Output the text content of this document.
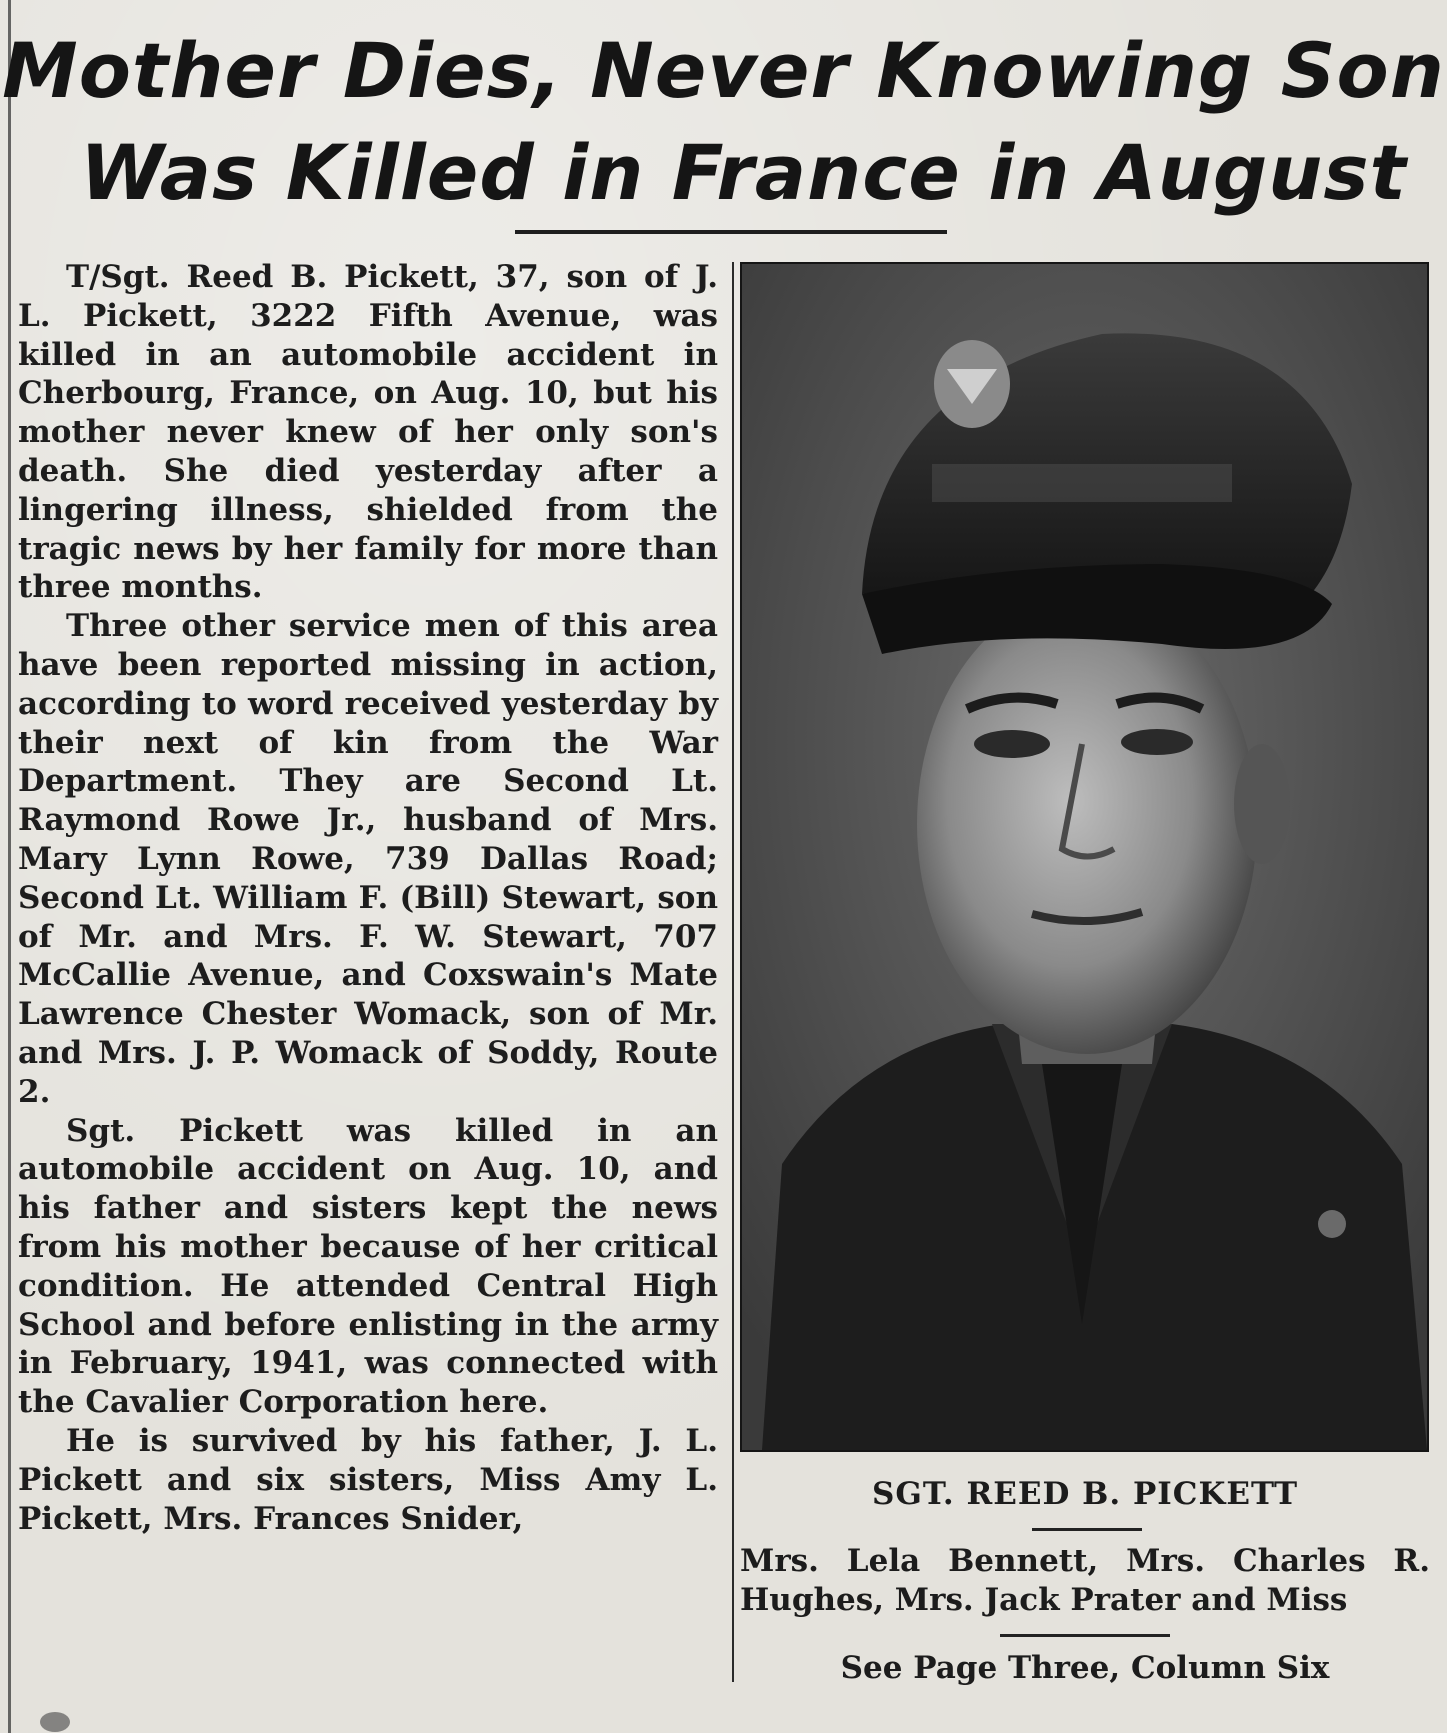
Mother Dies, Never Knowing Son
Was Killed in France in August

T/Sgt. Reed B. Pickett, 37, son of J. L. Pickett, 3222 Fifth Avenue, was killed in an automobile accident in Cherbourg, France, on Aug. 10, but his mother never knew of her only son's death. She died yesterday after a lingering illness, shielded from the tragic news by her family for more than three months.

Three other service men of this area have been reported missing in action, according to word received yesterday by their next of kin from the War Department. They are Second Lt. Raymond Rowe Jr., husband of Mrs. Mary Lynn Rowe, 739 Dallas Road; Second Lt. William F. (Bill) Stewart, son of Mr. and Mrs. F. W. Stewart, 707 McCallie Avenue, and Coxswain's Mate Lawrence Chester Womack, son of Mr. and Mrs. J. P. Womack of Soddy, Route 2.

Sgt. Pickett was killed in an automobile accident on Aug. 10, and his father and sisters kept the news from his mother because of her critical condition. He attended Central High School and before enlisting in the army in February, 1941, was connected with the Cavalier Corporation here.

He is survived by his father, J. L. Pickett and six sisters, Miss Amy L. Pickett, Mrs. Frances Snider,

SGT. REED B. PICKETT
Mrs. Lela Bennett, Mrs. Charles R. Hughes, Mrs. Jack Prater and Miss
See Page Three, Column Six
